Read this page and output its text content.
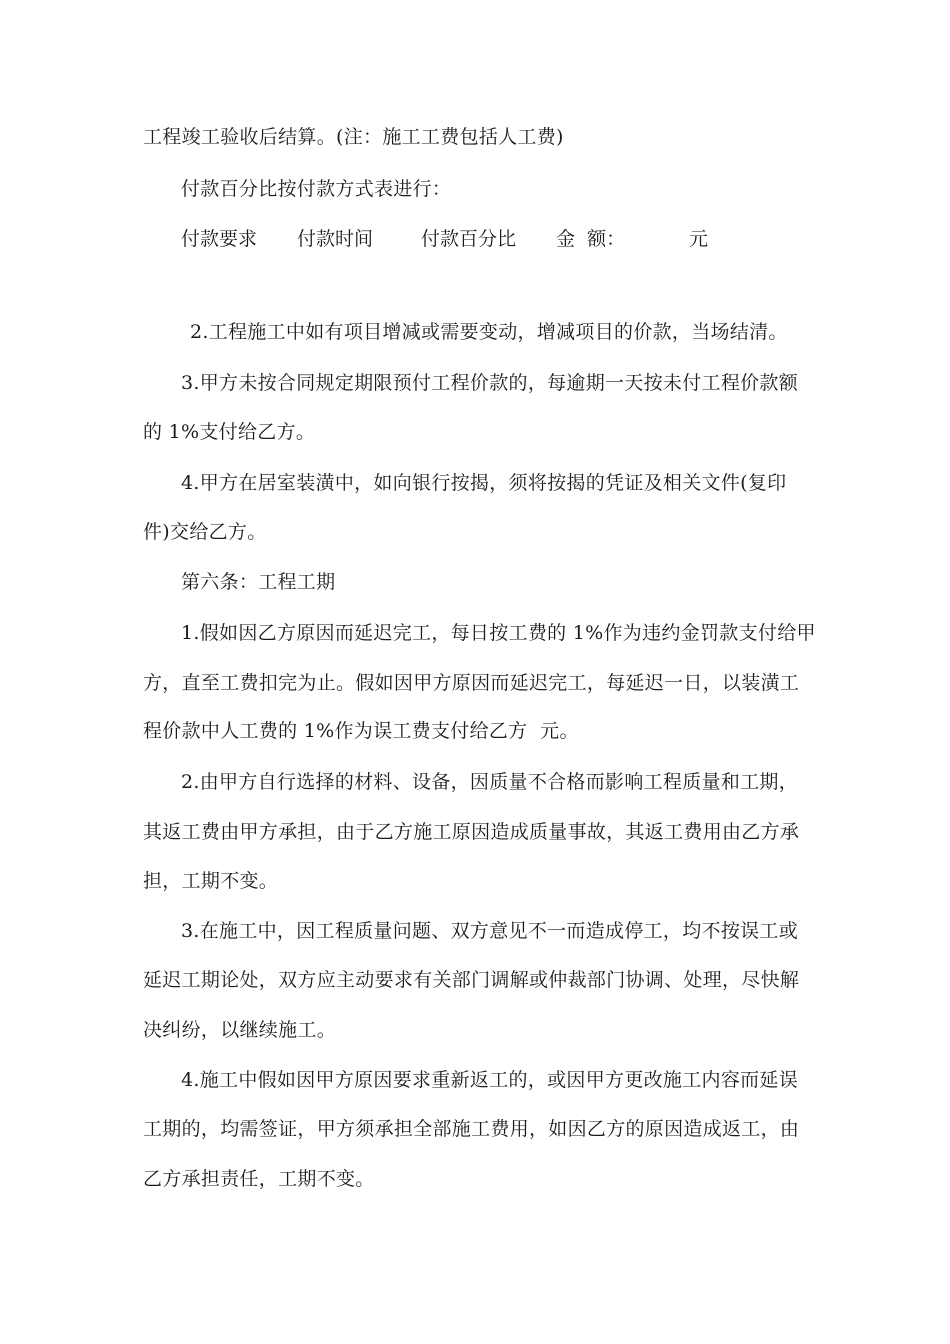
工程竣工验收后结算。(注：施工工费包括人工费)
付款百分比按付款方式表进行：
付款要求 付款时间	付款百分比 金  额：	元
2.工程施工中如有项目增减或需要变动，增减项目的价款，当场结清。
3.甲方未按合同规定期限预付工程价款的，每逾期一天按未付工程价款额
的 1%支付给乙方。
4.甲方在居室装潢中，如向银行按揭，须将按揭的凭证及相关文件(复印
件)交给乙方。
第六条：工程工期
1.假如因乙方原因而延迟完工，每日按工费的 1%作为违约金罚款支付给甲
方，直至工费扣完为止。假如因甲方原因而延迟完工，每延迟一日，以装潢工
程价款中人工费的 1%作为误工费支付给乙方  元。
2.由甲方自行选择的材料、设备，因质量不合格而影响工程质量和工期，
其返工费由甲方承担，由于乙方施工原因造成质量事故，其返工费用由乙方承
担，工期不变。
3.在施工中，因工程质量问题、双方意见不一而造成停工，均不按误工或
延迟工期论处，双方应主动要求有关部门调解或仲裁部门协调、处理，尽快解
决纠纷，以继续施工。
4.施工中假如因甲方原因要求重新返工的，或因甲方更改施工内容而延误
工期的，均需签证，甲方须承担全部施工费用，如因乙方的原因造成返工，由
乙方承担责任，工期不变。
